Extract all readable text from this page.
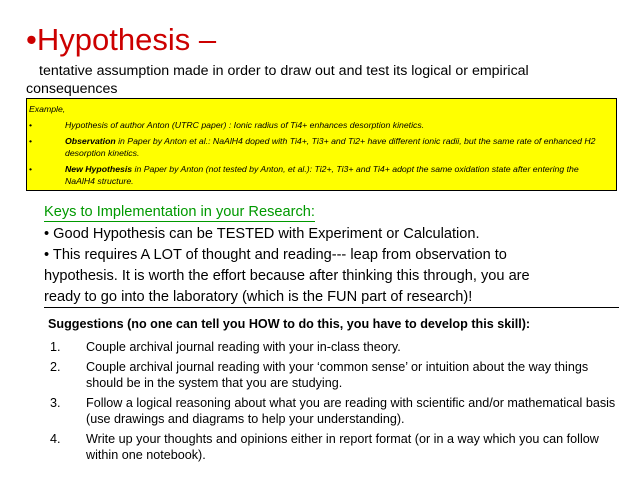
•Hypothesis –
tentative assumption made in order to draw out and test its logical or empirical
consequences
Example,
•	Hypothesis of author Anton (UTRC paper) : Ionic radius of Ti4+ enhances desorption kinetics.
•	Observation in Paper by Anton et al.: NaAlH4 doped with Ti4+, Ti3+ and Ti2+ have different ionic radii, but the same rate of enhanced H2 desorption kinetics.
•	New Hypothesis in Paper by Anton (not tested by Anton, et al.): Ti2+, Ti3+ and Ti4+ adopt the same oxidation state after entering the NaAlH4 structure.
Keys to Implementation in your Research:
• Good Hypothesis can be TESTED with Experiment or Calculation.
• This requires A LOT of thought and reading--- leap from observation to
hypothesis. It is worth the effort because after thinking this through, you are
ready to go into the laboratory (which is the FUN part of research)!
Suggestions (no one can tell you HOW to do this, you have to develop this skill):
1. Couple archival journal reading with your in-class theory.
2. Couple archival journal reading with your ‘common sense’ or intuition about the way things should be in the system that you are studying.
3. Follow a logical reasoning about what you are reading with scientific and/or mathematical basis (use drawings and diagrams to help your understanding).
4. Write up your thoughts and opinions either in report format (or in a way which you can follow within one notebook).
